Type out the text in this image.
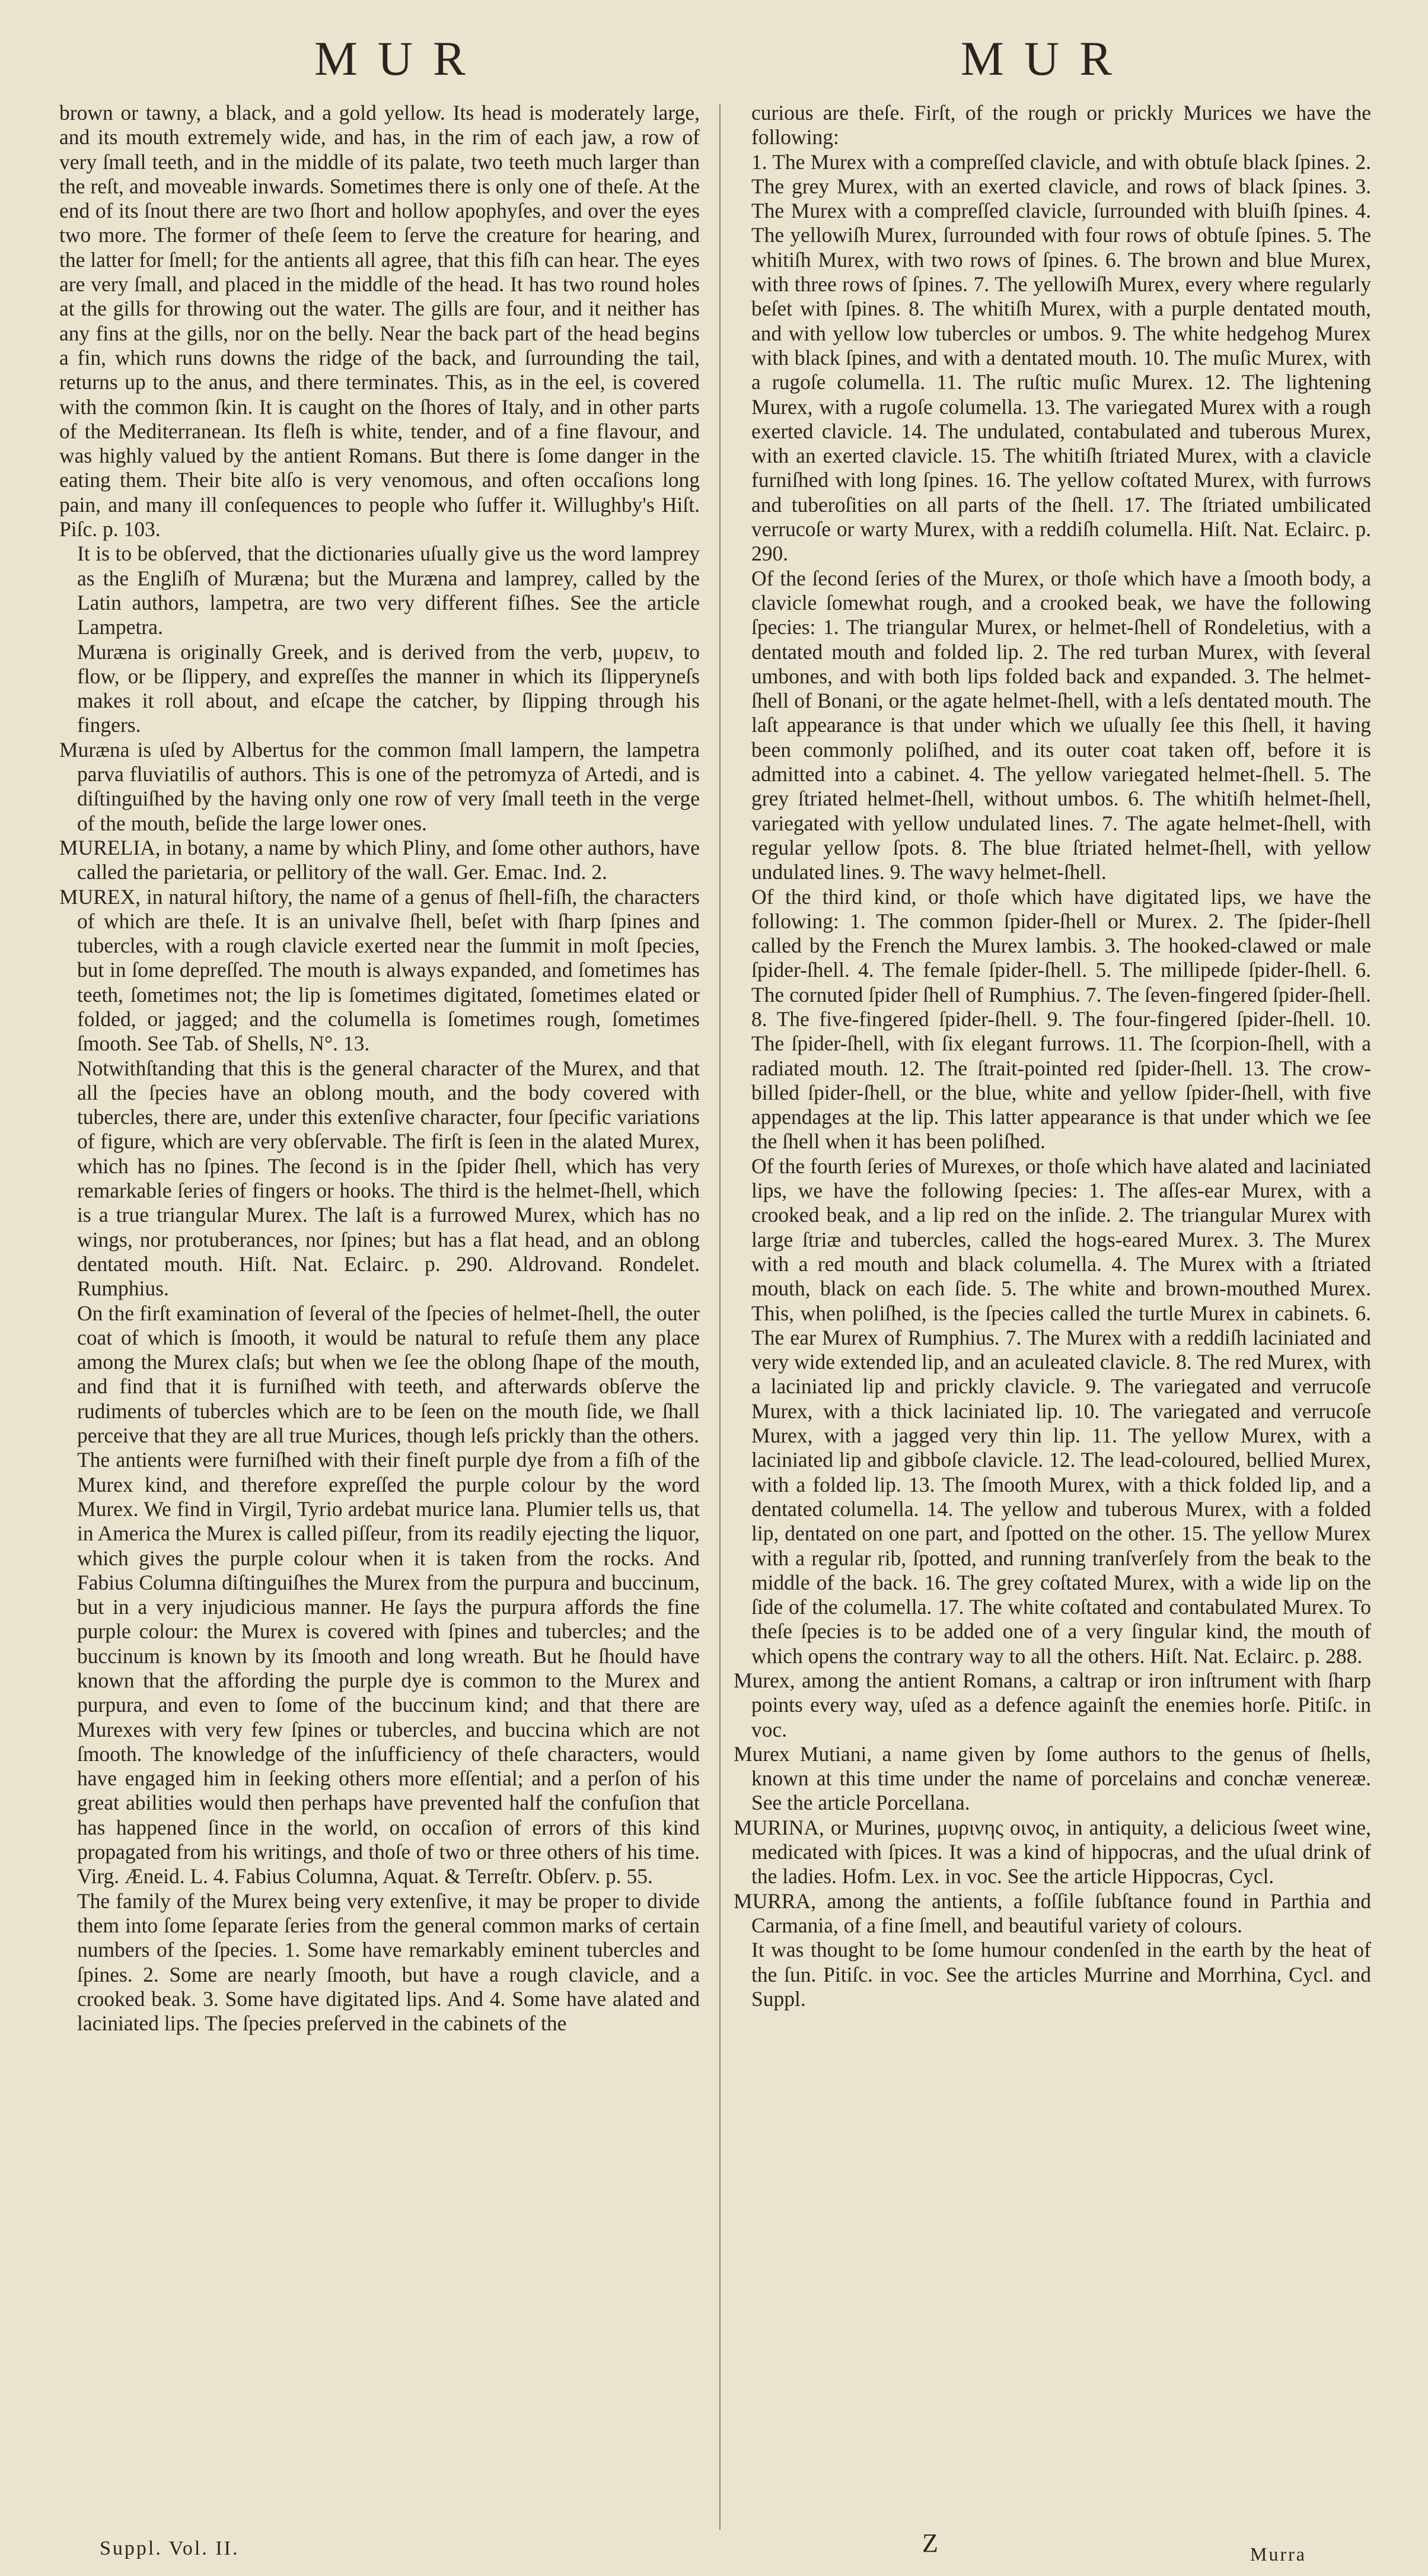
MUR	MUR

brown or tawny, a black, and a gold yellow. Its head is moderately large, and its mouth extremely wide, and has, in the rim of each jaw, a row of very ſmall teeth, and in the middle of its palate, two teeth much larger than the reſt, and moveable inwards. Sometimes there is only one of theſe. At the end of its ſnout there are two ſhort and hollow apophyſes, and over the eyes two more. The former of theſe ſeem to ſerve the creature for hearing, and the latter for ſmell; for the antients all agree, that this fiſh can hear. The eyes are very ſmall, and placed in the middle of the head. It has two round holes at the gills for throwing out the water. The gills are four, and it neither has any fins at the gills, nor on the belly. Near the back part of the head begins a fin, which runs downs the ridge of the back, and ſurrounding the tail, returns up to the anus, and there terminates. This, as in the eel, is covered with the common ſkin. It is caught on the ſhores of Italy, and in other parts of the Mediterranean. Its fleſh is white, tender, and of a fine flavour, and was highly valued by the antient Romans. But there is ſome danger in the eating them. Their bite alſo is very venomous, and often occaſions long pain, and many ill conſequences to people who ſuffer it. Willughby's Hiſt. Piſc. p. 103.

It is to be obſerved, that the dictionaries uſually give us the word lamprey as the Engliſh of Muræna; but the Muræna and lamprey, called by the Latin authors, lampetra, are two very different fiſhes. See the article Lampetra.

Muræna is originally Greek, and is derived from the verb, μυρειν, to flow, or be ſlippery, and expreſſes the manner in which its ſlipperyneſs makes it roll about, and eſcape the catcher, by ſlipping through his fingers.

Muræna is uſed by Albertus for the common ſmall lampern, the lampetra parva fluviatilis of authors. This is one of the petromyza of Artedi, and is diſtinguiſhed by the having only one row of very ſmall teeth in the verge of the mouth, beſide the large lower ones.

MURELIA, in botany, a name by which Pliny, and ſome other authors, have called the parietaria, or pellitory of the wall. Ger. Emac. Ind. 2.

MUREX, in natural hiſtory, the name of a genus of ſhell-fiſh, the characters of which are theſe. It is an univalve ſhell, beſet with ſharp ſpines and tubercles, with a rough clavicle exerted near the ſummit in moſt ſpecies, but in ſome depreſſed. The mouth is always expanded, and ſometimes has teeth, ſometimes not; the lip is ſometimes digitated, ſometimes elated or folded, or jagged; and the columella is ſometimes rough, ſometimes ſmooth. See Tab. of Shells, N°. 13.

Notwithſtanding that this is the general character of the Murex, and that all the ſpecies have an oblong mouth, and the body covered with tubercles, there are, under this extenſive character, four ſpecific variations of figure, which are very obſervable. The firſt is ſeen in the alated Murex, which has no ſpines. The ſecond is in the ſpider ſhell, which has very remarkable ſeries of fingers or hooks. The third is the helmet-ſhell, which is a true triangular Murex. The laſt is a furrowed Murex, which has no wings, nor protuberances, nor ſpines; but has a flat head, and an oblong dentated mouth. Hiſt. Nat. Eclairc. p. 290. Aldrovand. Rondelet. Rumphius.

On the firſt examination of ſeveral of the ſpecies of helmet-ſhell, the outer coat of which is ſmooth, it would be natural to refuſe them any place among the Murex claſs; but when we ſee the oblong ſhape of the mouth, and find that it is furniſhed with teeth, and afterwards obſerve the rudiments of tubercles which are to be ſeen on the mouth ſide, we ſhall perceive that they are all true Murices, though leſs prickly than the others.

The antients were furniſhed with their fineſt purple dye from a fiſh of the Murex kind, and therefore expreſſed the purple colour by the word Murex. We find in Virgil, Tyrio ardebat murice lana. Plumier tells us, that in America the Murex is called piſſeur, from its readily ejecting the liquor, which gives the purple colour when it is taken from the rocks. And Fabius Columna diſtinguiſhes the Murex from the purpura and buccinum, but in a very injudicious manner. He ſays the purpura affords the fine purple colour: the Murex is covered with ſpines and tubercles; and the buccinum is known by its ſmooth and long wreath. But he ſhould have known that the affording the purple dye is common to the Murex and purpura, and even to ſome of the buccinum kind; and that there are Murexes with very few ſpines or tubercles, and buccina which are not ſmooth. The knowledge of the inſufficiency of theſe characters, would have engaged him in ſeeking others more eſſential; and a perſon of his great abilities would then perhaps have prevented half the confuſion that has happened ſince in the world, on occaſion of errors of this kind propagated from his writings, and thoſe of two or three others of his time. Virg. Æneid. L. 4. Fabius Columna, Aquat. & Terreſtr. Obſerv. p. 55.

The family of the Murex being very extenſive, it may be proper to divide them into ſome ſeparate ſeries from the general common marks of certain numbers of the ſpecies. 1. Some have remarkably eminent tubercles and ſpines. 2. Some are nearly ſmooth, but have a rough clavicle, and a crooked beak. 3. Some have digitated lips. And 4. Some have alated and laciniated lips. The ſpecies preſerved in the cabinets of the

curious are theſe. Firſt, of the rough or prickly Murices we have the following:

1. The Murex with a compreſſed clavicle, and with obtuſe black ſpines. 2. The grey Murex, with an exerted clavicle, and rows of black ſpines. 3. The Murex with a compreſſed clavicle, ſurrounded with bluiſh ſpines. 4. The yellowiſh Murex, ſurrounded with four rows of obtuſe ſpines. 5. The whitiſh Murex, with two rows of ſpines. 6. The brown and blue Murex, with three rows of ſpines. 7. The yellowiſh Murex, every where regularly beſet with ſpines. 8. The whitiſh Murex, with a purple dentated mouth, and with yellow low tubercles or umbos. 9. The white hedgehog Murex with black ſpines, and with a dentated mouth. 10. The muſic Murex, with a rugoſe columella. 11. The ruſtic muſic Murex. 12. The lightening Murex, with a rugoſe columella. 13. The variegated Murex with a rough exerted clavicle. 14. The undulated, contabulated and tuberous Murex, with an exerted clavicle. 15. The whitiſh ſtriated Murex, with a clavicle furniſhed with long ſpines. 16. The yellow coſtated Murex, with furrows and tuberoſities on all parts of the ſhell. 17. The ſtriated umbilicated verrucoſe or warty Murex, with a reddiſh columella. Hiſt. Nat. Eclairc. p. 290.

Of the ſecond ſeries of the Murex, or thoſe which have a ſmooth body, a clavicle ſomewhat rough, and a crooked beak, we have the following ſpecies: 1. The triangular Murex, or helmet-ſhell of Rondeletius, with a dentated mouth and folded lip. 2. The red turban Murex, with ſeveral umbones, and with both lips folded back and expanded. 3. The helmet-ſhell of Bonani, or the agate helmet-ſhell, with a leſs dentated mouth. The laſt appearance is that under which we uſually ſee this ſhell, it having been commonly poliſhed, and its outer coat taken off, before it is admitted into a cabinet. 4. The yellow variegated helmet-ſhell. 5. The grey ſtriated helmet-ſhell, without umbos. 6. The whitiſh helmet-ſhell, variegated with yellow undulated lines. 7. The agate helmet-ſhell, with regular yellow ſpots. 8. The blue ſtriated helmet-ſhell, with yellow undulated lines. 9. The wavy helmet-ſhell.

Of the third kind, or thoſe which have digitated lips, we have the following: 1. The common ſpider-ſhell or Murex. 2. The ſpider-ſhell called by the French the Murex lambis. 3. The hooked-clawed or male ſpider-ſhell. 4. The female ſpider-ſhell. 5. The millipede ſpider-ſhell. 6. The cornuted ſpider ſhell of Rumphius. 7. The ſeven-fingered ſpider-ſhell. 8. The five-fingered ſpider-ſhell. 9. The four-fingered ſpider-ſhell. 10. The ſpider-ſhell, with ſix elegant furrows. 11. The ſcorpion-ſhell, with a radiated mouth. 12. The ſtrait-pointed red ſpider-ſhell. 13. The crow-billed ſpider-ſhell, or the blue, white and yellow ſpider-ſhell, with five appendages at the lip. This latter appearance is that under which we ſee the ſhell when it has been poliſhed.

Of the fourth ſeries of Murexes, or thoſe which have alated and laciniated lips, we have the following ſpecies: 1. The aſſes-ear Murex, with a crooked beak, and a lip red on the inſide. 2. The triangular Murex with large ſtriæ and tubercles, called the hogs-eared Murex. 3. The Murex with a red mouth and black columella. 4. The Murex with a ſtriated mouth, black on each ſide. 5. The white and brown-mouthed Murex. This, when poliſhed, is the ſpecies called the turtle Murex in cabinets. 6. The ear Murex of Rumphius. 7. The Murex with a reddiſh laciniated and very wide extended lip, and an aculeated clavicle. 8. The red Murex, with a laciniated lip and prickly clavicle. 9. The variegated and verrucoſe Murex, with a thick laciniated lip. 10. The variegated and verrucoſe Murex, with a jagged very thin lip. 11. The yellow Murex, with a laciniated lip and gibboſe clavicle. 12. The lead-coloured, bellied Murex, with a folded lip. 13. The ſmooth Murex, with a thick folded lip, and a dentated columella. 14. The yellow and tuberous Murex, with a folded lip, dentated on one part, and ſpotted on the other. 15. The yellow Murex with a regular rib, ſpotted, and running tranſverſely from the beak to the middle of the back. 16. The grey coſtated Murex, with a wide lip on the ſide of the columella. 17. The white coſtated and contabulated Murex. To theſe ſpecies is to be added one of a very ſingular kind, the mouth of which opens the contrary way to all the others. Hiſt. Nat. Eclairc. p. 288.

Murex, among the antient Romans, a caltrap or iron inſtrument with ſharp points every way, uſed as a defence againſt the enemies horſe. Pitiſc. in voc.

Murex Mutiani, a name given by ſome authors to the genus of ſhells, known at this time under the name of porcelains and conchæ venereæ. See the article Porcellana.

MURINA, or Murines, μυρινης οινος, in antiquity, a delicious ſweet wine, medicated with ſpices. It was a kind of hippocras, and the uſual drink of the ladies. Hofm. Lex. in voc. See the article Hippocras, Cycl.

MURRA, among the antients, a foſſile ſubſtance found in Parthia and Carmania, of a fine ſmell, and beautiful variety of colours.

It was thought to be ſome humour condenſed in the earth by the heat of the ſun. Pitiſc. in voc. See the articles Murrine and Morrhina, Cycl. and Suppl.

Suppl. Vol. II.	Z	Murra
